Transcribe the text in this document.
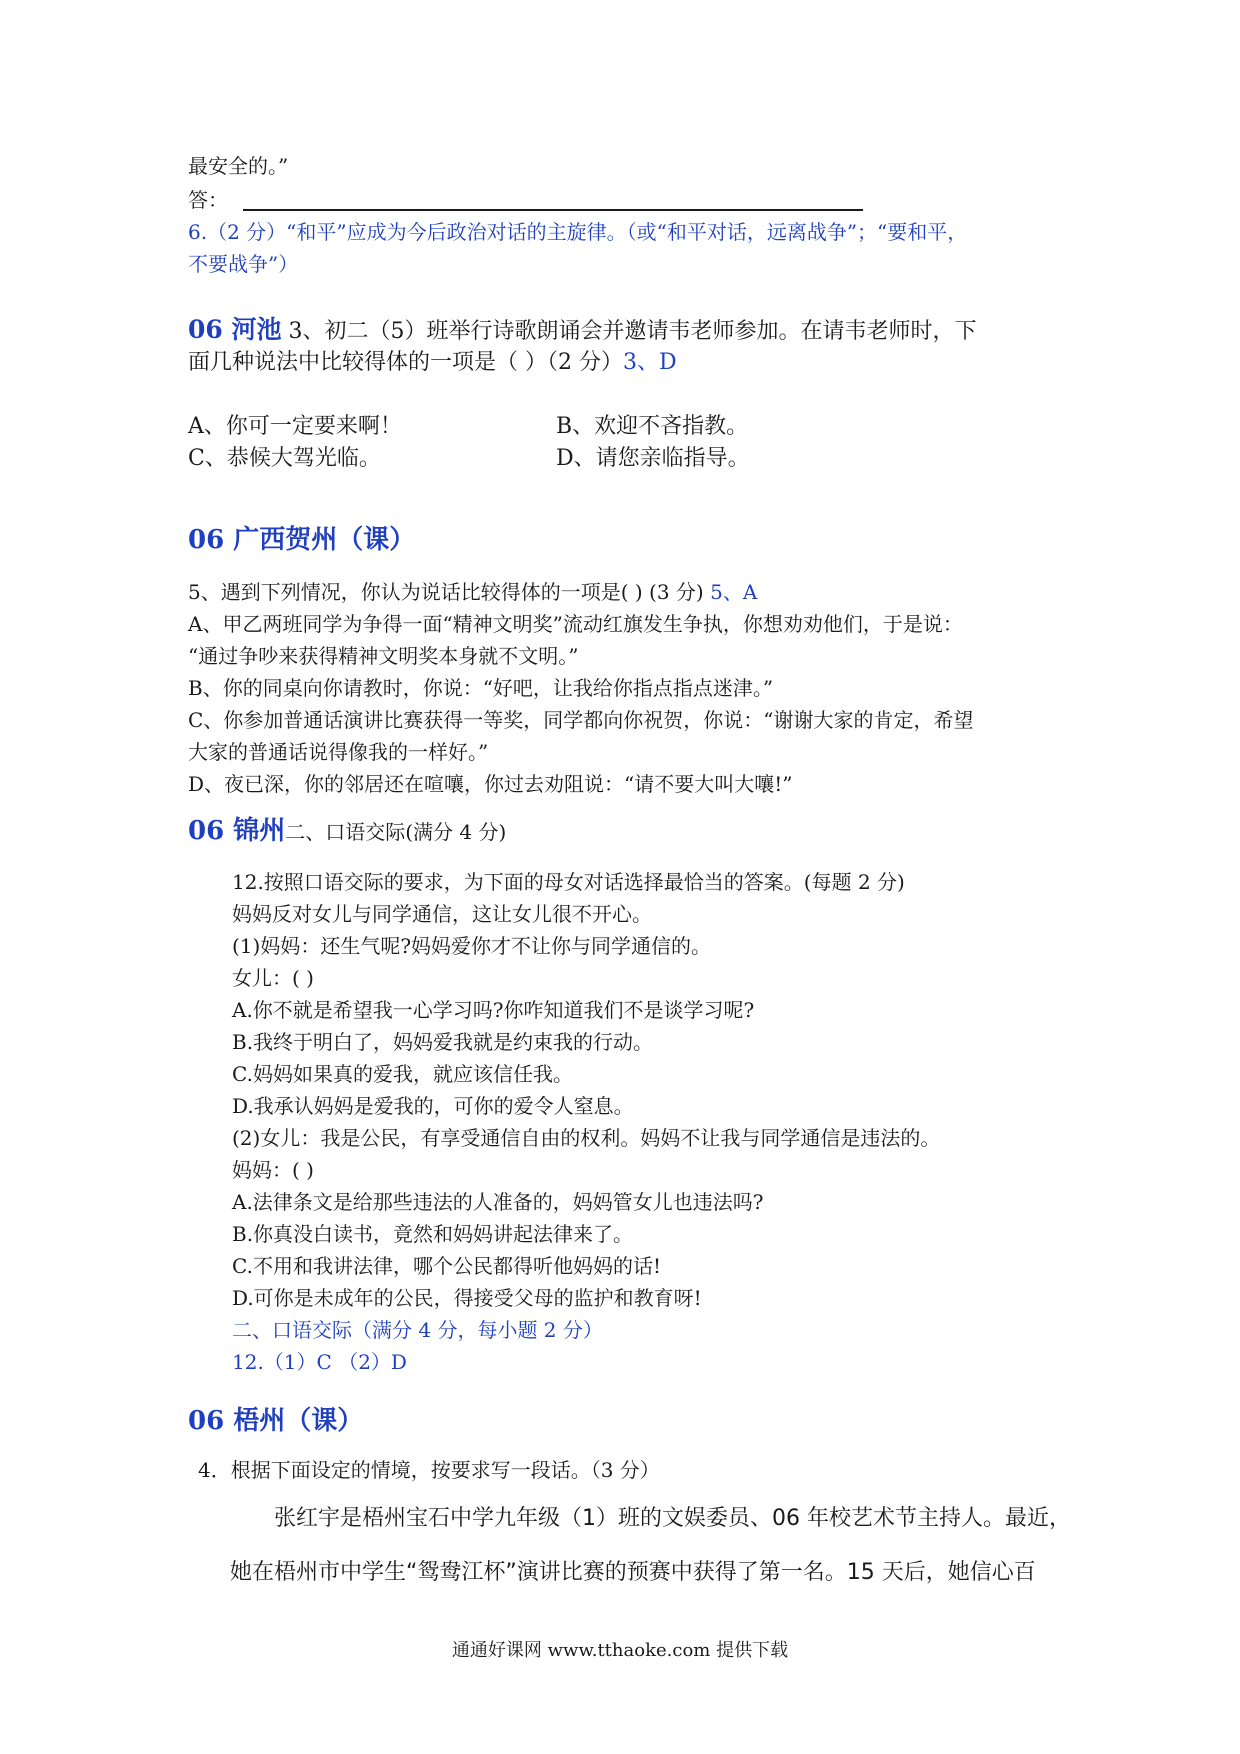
最安全的。”
答：
6.（2 分）“和平”应成为今后政治对话的主旋律。（或“和平对话，远离战争”；“要和平，
不要战争”）
06 河池 3、初二（5）班举行诗歌朗诵会并邀请韦老师参加。在请韦老师时，下
面几种说法中比较得体的一项是（ ）（2 分）3、D
A、你可一定要来啊！	B、欢迎不吝指教。
C、恭候大驾光临。	D、请您亲临指导。
06 广西贺州（课）
5、遇到下列情况，你认为说话比较得体的一项是( ) (3 分) 5、A
A、甲乙两班同学为争得一面“精神文明奖”流动红旗发生争执，你想劝劝他们，于是说：
“通过争吵来获得精神文明奖本身就不文明。”
B、你的同桌向你请教时，你说：“好吧，让我给你指点指点迷津。”
C、你参加普通话演讲比赛获得一等奖，同学都向你祝贺，你说：“谢谢大家的肯定，希望
大家的普通话说得像我的一样好。”
D、夜已深，你的邻居还在喧嚷，你过去劝阻说：“请不要大叫大嚷!”
06 锦州二、口语交际(满分 4 分)
12.按照口语交际的要求，为下面的母女对话选择最恰当的答案。(每题 2 分)
妈妈反对女儿与同学通信，这让女儿很不开心。
(1)妈妈：还生气呢?妈妈爱你才不让你与同学通信的。
女儿：( )
A.你不就是希望我一心学习吗?你咋知道我们不是谈学习呢?
B.我终于明白了，妈妈爱我就是约束我的行动。
C.妈妈如果真的爱我，就应该信任我。
D.我承认妈妈是爱我的，可你的爱令人窒息。
(2)女儿：我是公民，有享受通信自由的权利。妈妈不让我与同学通信是违法的。
妈妈：( )
A.法律条文是给那些违法的人准备的，妈妈管女儿也违法吗?
B.你真没白读书，竟然和妈妈讲起法律来了。
C.不用和我讲法律，哪个公民都得听他妈妈的话!
D.可你是未成年的公民，得接受父母的监护和教育呀!
二、口语交际（满分 4 分，每小题 2 分）
12.（1）C （2）D
06 梧州（课）
4．根据下面设定的情境，按要求写一段话。（3 分）
张红宇是梧州宝石中学九年级（1）班的文娱委员、06 年校艺术节主持人。最近，
她在梧州市中学生“鸳鸯江杯”演讲比赛的预赛中获得了第一名。15 天后，她信心百
通通好课网 www.tthaoke.com 提供下载
